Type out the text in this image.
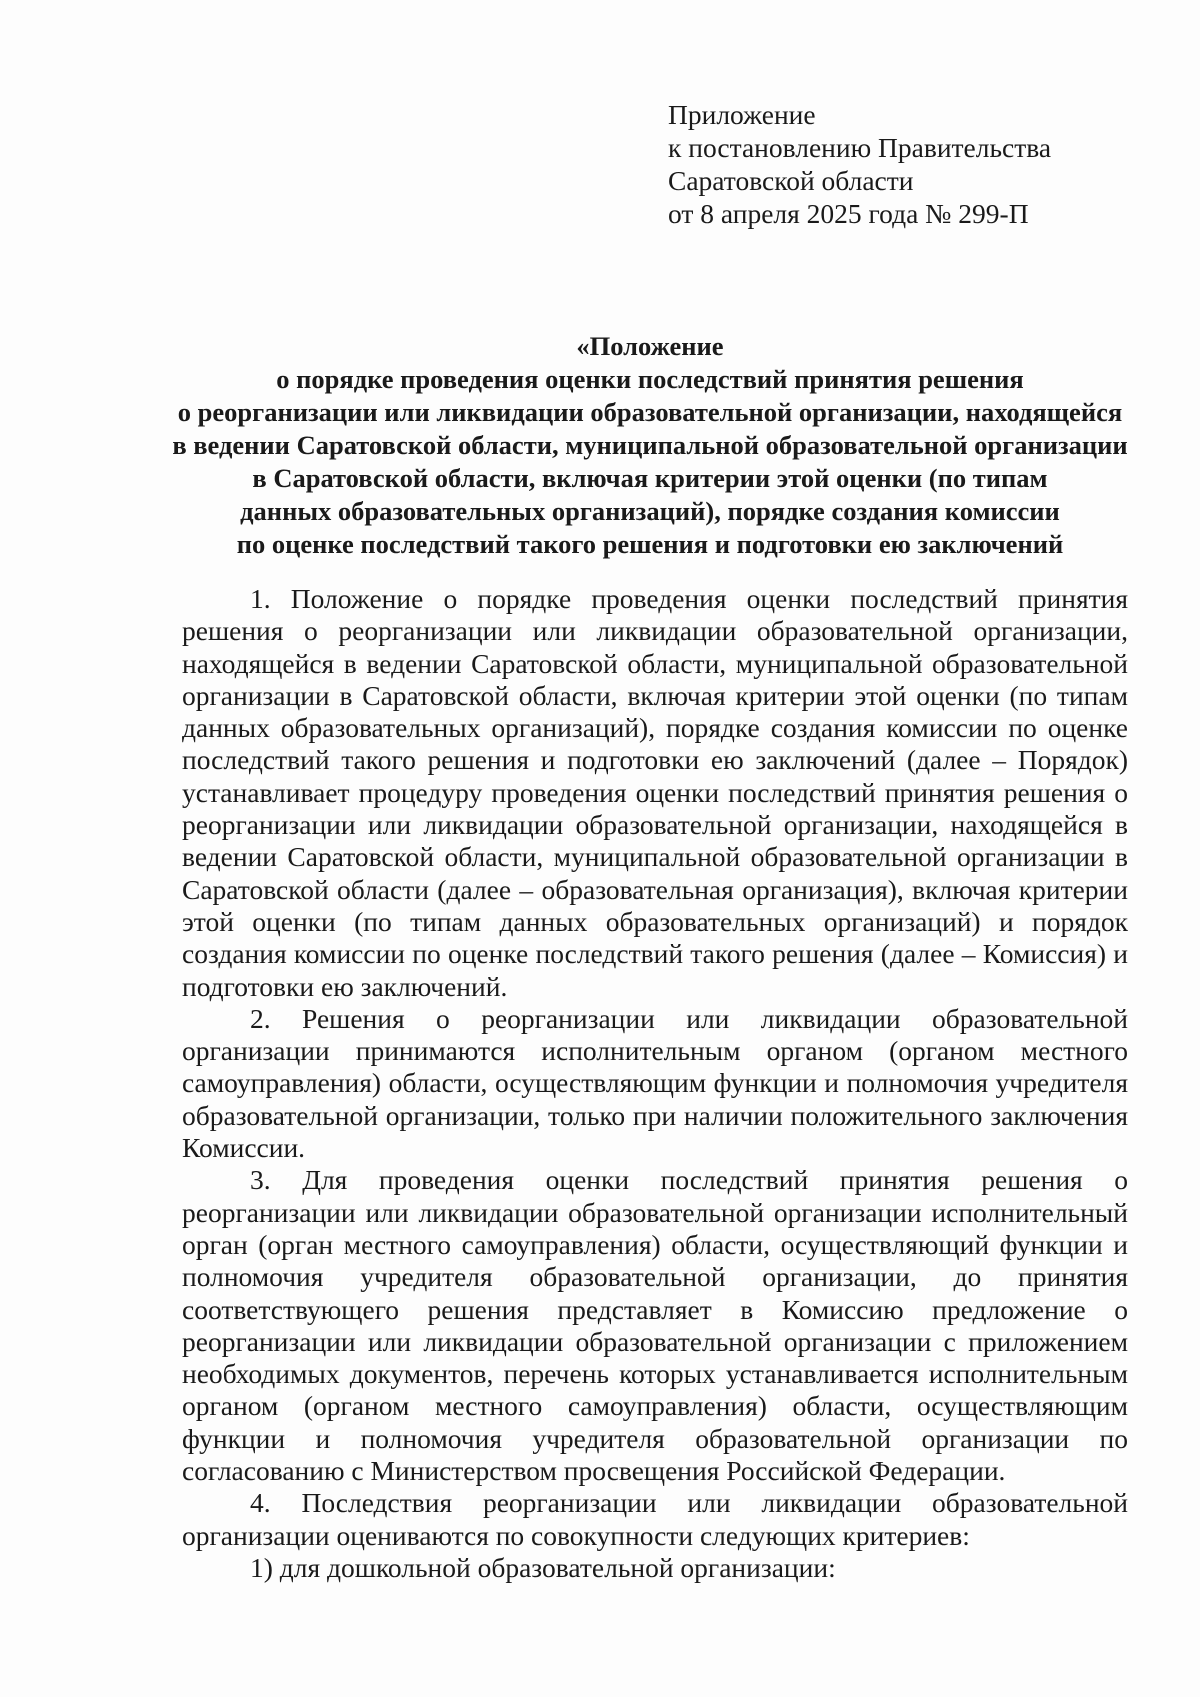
Приложение
к постановлению Правительства
Саратовской области
от 8 апреля 2025 года № 299-П
«Положение
о порядке проведения оценки последствий принятия решения
о реорганизации или ликвидации образовательной организации, находящейся
в ведении Саратовской области, муниципальной образовательной организации
в Саратовской области, включая критерии этой оценки (по типам
данных образовательных организаций), порядке создания комиссии
по оценке последствий такого решения и подготовки ею заключений

1. Положение о порядке проведения оценки последствий принятия решения о реорганизации или ликвидации образовательной организации, находящейся в ведении Саратовской области, муниципальной образовательной организации в Саратовской области, включая критерии этой оценки (по типам данных образовательных организаций), порядке создания комиссии по оценке последствий такого решения и подготовки ею заключений (далее – Порядок) устанавливает процедуру проведения оценки последствий принятия решения о реорганизации или ликвидации образовательной организации, находящейся в ведении Саратовской области, муниципальной образовательной организации в Саратовской области (далее – образовательная организация), включая критерии этой оценки (по типам данных образовательных организаций) и порядок создания комиссии по оценке последствий такого решения (далее – Комиссия) и подготовки ею заключений.

2. Решения о реорганизации или ликвидации образовательной организации принимаются исполнительным органом (органом местного самоуправления) области, осуществляющим функции и полномочия учредителя образовательной организации, только при наличии положительного заключения Комиссии.

3. Для проведения оценки последствий принятия решения о реорганизации или ликвидации образовательной организации исполнительный орган (орган местного самоуправления) области, осуществляющий функции и полномочия учредителя образовательной организации, до принятия соответствующего решения представляет в Комиссию предложение о реорганизации или ликвидации образовательной организации с приложением необходимых документов, перечень которых устанавливается исполнительным органом (органом местного самоуправления) области, осуществляющим функции и полномочия учредителя образовательной организации по согласованию с Министерством просвещения Российской Федерации.

4. Последствия реорганизации или ликвидации образовательной организации оцениваются по совокупности следующих критериев:

1) для дошкольной образовательной организации:
